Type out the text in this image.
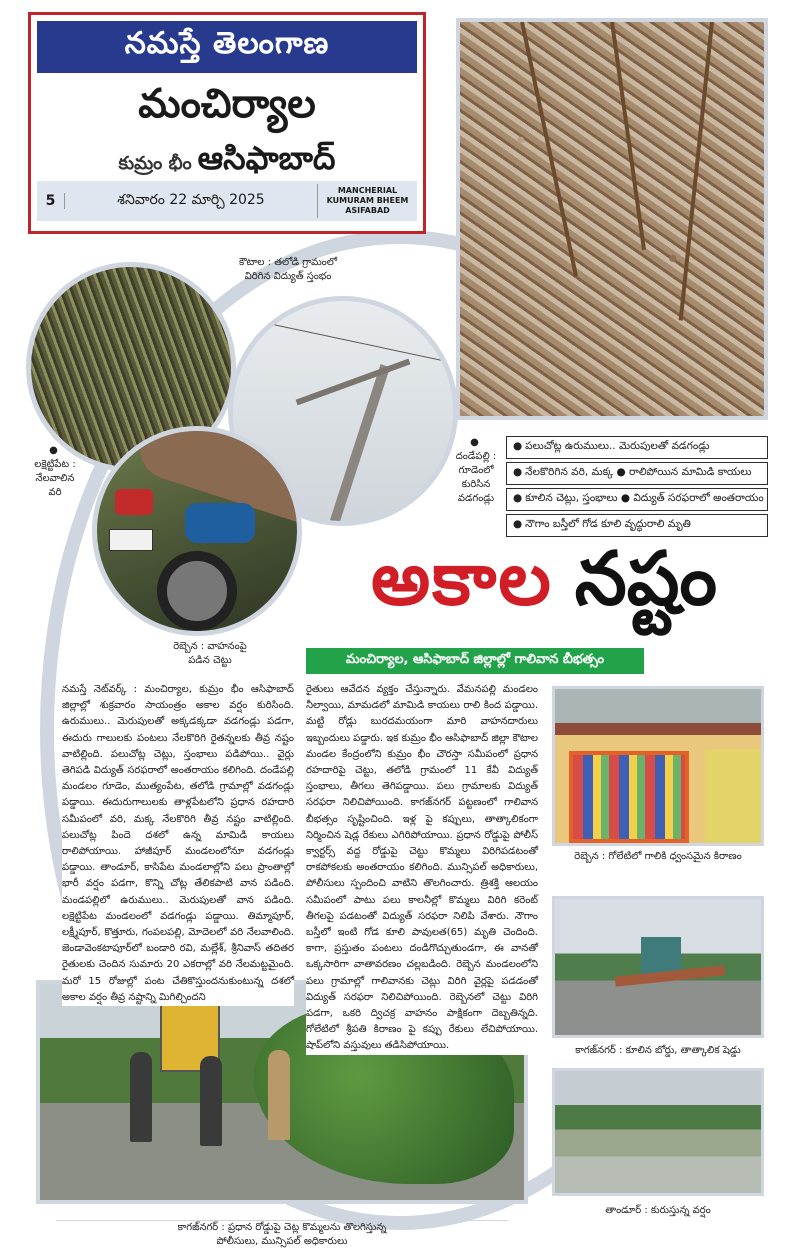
నమస్తే తెలంగాణ
మంచిర్యాల
కుమ్రం భీం ఆసిఫాబాద్
5	శనివారం 22 మార్చి 2025
MANCHERIAL
KUMURAM BHEEM
ASIFABAD
కౌటాల : తలోడి గ్రామంలో
విరిగిన విద్యుత్ స్తంభం
●
లక్షెట్టిపేట :
నేలవాలిన
వరి
●
దండేపల్లి :
గూడెంలో
కురిసిన
వడగండ్లు
రెబ్బెన : వాహనంపై
పడిన చెట్టు
● పలుచోట్ల ఉరుములు.. మెరుపులతో వడగండ్లు
● నేలకొరిగిన వరి, మక్క ● రాలిపోయిన మామిడి కాయలు
● కూలిన చెట్లు, స్తంభాలు ● విద్యుత్ సరఫరాలో అంతరాయం
● నౌగాం బస్తీలో గోడ కూలి వృద్ధురాలి మృతి
అకాల నష్టం
మంచిర్యాల, ఆసిఫాబాద్ జిల్లాల్లో గాలివాన బీభత్సం
నమస్తే నెట్‌వర్క్ : మంచిర్యాల, కుమ్రం భీం ఆసిఫాబాద్ జిల్లాల్లో శుక్రవారం సాయంత్రం అకాల వర్షం కురిసింది. ఉరుములు.. మెరుపులతో అక్కడక్కడా వడగండ్లు పడగా, ఈదురు గాలులకు పంటలు నేలకొరిగి రైతన్నలకు తీవ్ర నష్టం వాటిల్లింది. పలుచోట్ల చెట్లు, స్తంభాలు పడిపోయి.. వైర్లు తెగిపడి విద్యుత్ సరఫరాలో అంతరాయం కలిగింది. దండేపల్లి మండలం గూడెం, ముత్యంపేట, తలోడి గ్రామాల్లో వడగండ్లు పడ్డాయి. ఈదురుగాలులకు తాళ్లపేటలోని ప్రధాన రహదారి సమీపంలో వరి, మక్క నేలకొరిగి తీవ్ర నష్టం వాటిల్లింది. పలుచోట్ల పిందె దశలో ఉన్న మామిడి కాయలు రాలిపోయాయి. హాజీపూర్ మండలంలోనూ వడగండ్లు పడ్డాయి. తాండూర్, కాసిపేట మండలాల్లోని పలు ప్రాంతాల్లో భారీ వర్షం పడగా, కొన్ని చోట్ల తేలికపాటి వాన పడింది. మండపల్లిలో ఉరుములు.. మెరుపులతో వాన పడింది. లక్షెట్టిపేట మండలంలో వడగండ్లు పడ్డాయి. తిమ్మాపూర్, లక్ష్మీపూర్, కొత్తూరు, గంపలపల్లి, మోదెలలో వరి నేలవాలింది. జెండావెంకటాపూర్‌లో బండారి రవి, మల్లేశ్, శ్రీనివాస్ తదితర రైతులకు చెందిన సుమారు 20 ఎకరాల్లో వరి నేలమట్టమైంది. మరో 15 రోజుల్లో పంట చేతికొస్తుందనుకుంటున్న దశలో అకాల వర్షం తీవ్ర నష్టాన్ని మిగిల్చిందని
రైతులు ఆవేదన వ్యక్తం చేస్తున్నారు. వేమనపల్లి మండలం నీల్వాయి, మామడలో మామిడి కాయలు రాలి కింద పడ్డాయి. మట్టి రోడ్లు బురదమయంగా మారి వాహనదారులు ఇబ్బందులు పడ్డారు. ఇక కుమ్రం భీం ఆసిఫాబాద్ జిల్లా కౌటాల మండల కేంద్రంలోని కుమ్రం భీం చౌరస్తా సమీపంలో ప్రధాన రహదారిపై చెట్టు, తలోడి గ్రామంలో 11 కేవీ విద్యుత్ స్తంభాలు, తీగలు తెగిపడ్డాయి. పలు గ్రామాలకు విద్యుత్ సరఫరా నిలిచిపోయింది. కాగజ్‌నగర్ పట్టణంలో గాలివాన బీభత్సం సృష్టించింది. ఇళ్ల పై కప్పులు, తాత్కాలికంగా నిర్మించిన షెడ్ల రేకులు ఎగిరిపోయాయి. ప్రధాన రోడ్డుపై పోలీస్ క్వార్టర్స్ వద్ద రోడ్డుపై చెట్టు కొమ్మలు విరిగిపడటంతో రాకపోకలకు అంతరాయం కలిగింది. మున్సిపల్ అధికారులు, పోలీసులు స్పందించి వాటిని తొలగించారు. త్రిశక్తి ఆలయం సమీపంలో పాటు పలు కాలనీల్లో కొమ్మలు విరిగి కరెంట్ తీగలపై పడటంతో విద్యుత్ సరఫరా నిలిపి వేశారు. నౌగాం బస్తీలో ఇంటి గోడ కూలి పావులత(65) మృతి చెందింది. కాగా, ప్రస్తుతం పంటలు దండిగొచ్చుతుండగా, ఈ వానతో ఒక్కసారిగా వాతావరణం చల్లబడింది. రెబ్బెన మండలంలోని పలు గ్రామాల్లో గాలివానకు చెట్లు విరిగి వైర్లపై పడడంతో విద్యుత్ సరఫరా నిలిచిపోయింది. రెబ్బెనలో చెట్టు విరిగి పడగా, ఒకరి ద్విచక్ర వాహనం పాక్షికంగా దెబ్బతిన్నది. గోలేటిలో శ్రీపతి కిరాణం పై కప్పు రేకులు లేచిపోయాయి. షాప్‌లోని వస్తువులు తడిసిపోయాయి.
రెబ్బెన : గోలేటిలో గాలికి ధ్వంసమైన కిరాణం
కాగజ్‌నగర్ : కూలిన బోర్డు, తాత్కాలిక షెడ్డు
తాండూర్ : కురుస్తున్న వర్షం
కాగజ్‌నగర్ : ప్రధాన రోడ్డుపై చెట్ల కొమ్మలను తొలగిస్తున్న
పోలీసులు, మున్సిపల్ అధికారులు
